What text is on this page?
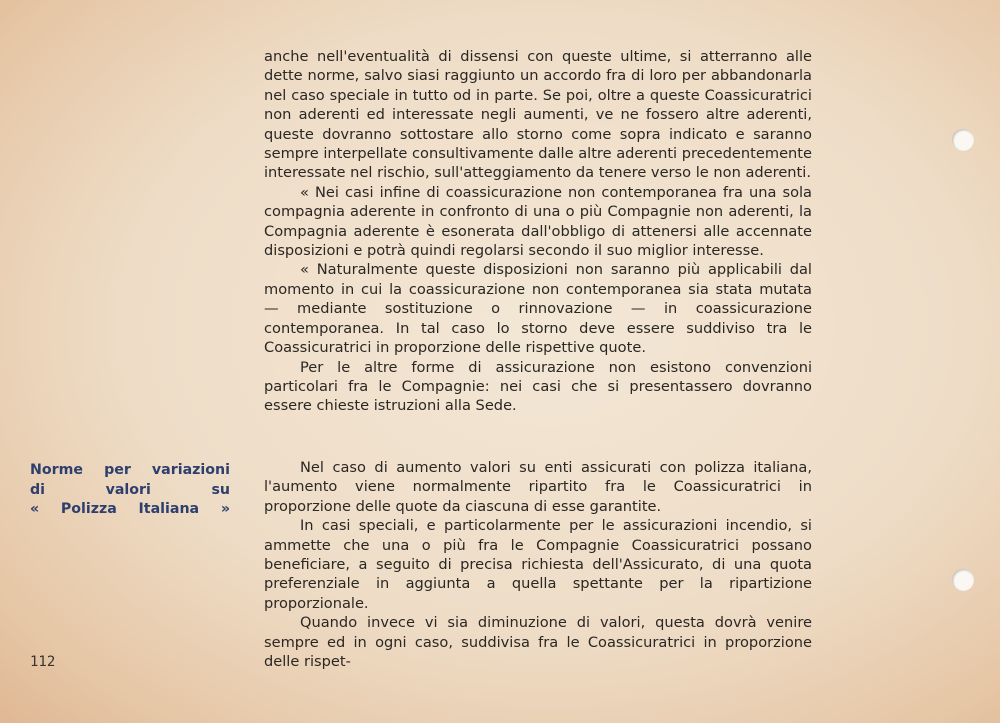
anche nell'eventualità di dissensi con queste ultime, si atterranno alle dette norme, salvo siasi raggiunto un accordo fra di loro per abbandonarla nel caso speciale in tutto od in parte. Se poi, oltre a queste Coassicuratrici non aderenti ed interessate negli aumenti, ve ne fossero altre aderenti, queste dovranno sottostare allo storno come sopra indicato e saranno sempre interpellate consultivamente dalle altre aderenti precedentemente interessate nel rischio, sull'atteggiamento da tenere verso le non aderenti.

« Nei casi infine di coassicurazione non contemporanea fra una sola compagnia aderente in confronto di una o più Compagnie non aderenti, la Compagnia aderente è esonerata dall'obbligo di attenersi alle accennate disposizioni e potrà quindi regolarsi secondo il suo miglior interesse.

« Naturalmente queste disposizioni non saranno più applicabili dal momento in cui la coassicurazione non contemporanea sia stata mutata — mediante sostituzione o rinnovazione — in coassicurazione contemporanea. In tal caso lo storno deve essere suddiviso tra le Coassicuratrici in proporzione delle rispettive quote.

Per le altre forme di assicurazione non esistono convenzioni particolari fra le Compagnie: nei casi che si presentassero dovranno essere chieste istruzioni alla Sede.

Norme per variazioni
di valori su
« Polizza Italiana »

Nel caso di aumento valori su enti assicurati con polizza italiana, l'aumento viene normalmente ripartito fra le Coassicuratrici in proporzione delle quote da ciascuna di esse garantite.

In casi speciali, e particolarmente per le assicurazioni incendio, si ammette che una o più fra le Compagnie Coassicuratrici possano beneficiare, a seguito di precisa richiesta dell'Assicurato, di una quota preferenziale in aggiunta a quella spettante per la ripartizione proporzionale.

Quando invece vi sia diminuzione di valori, questa dovrà venire sempre ed in ogni caso, suddivisa fra le Coassicuratrici in proporzione delle rispet-

112
